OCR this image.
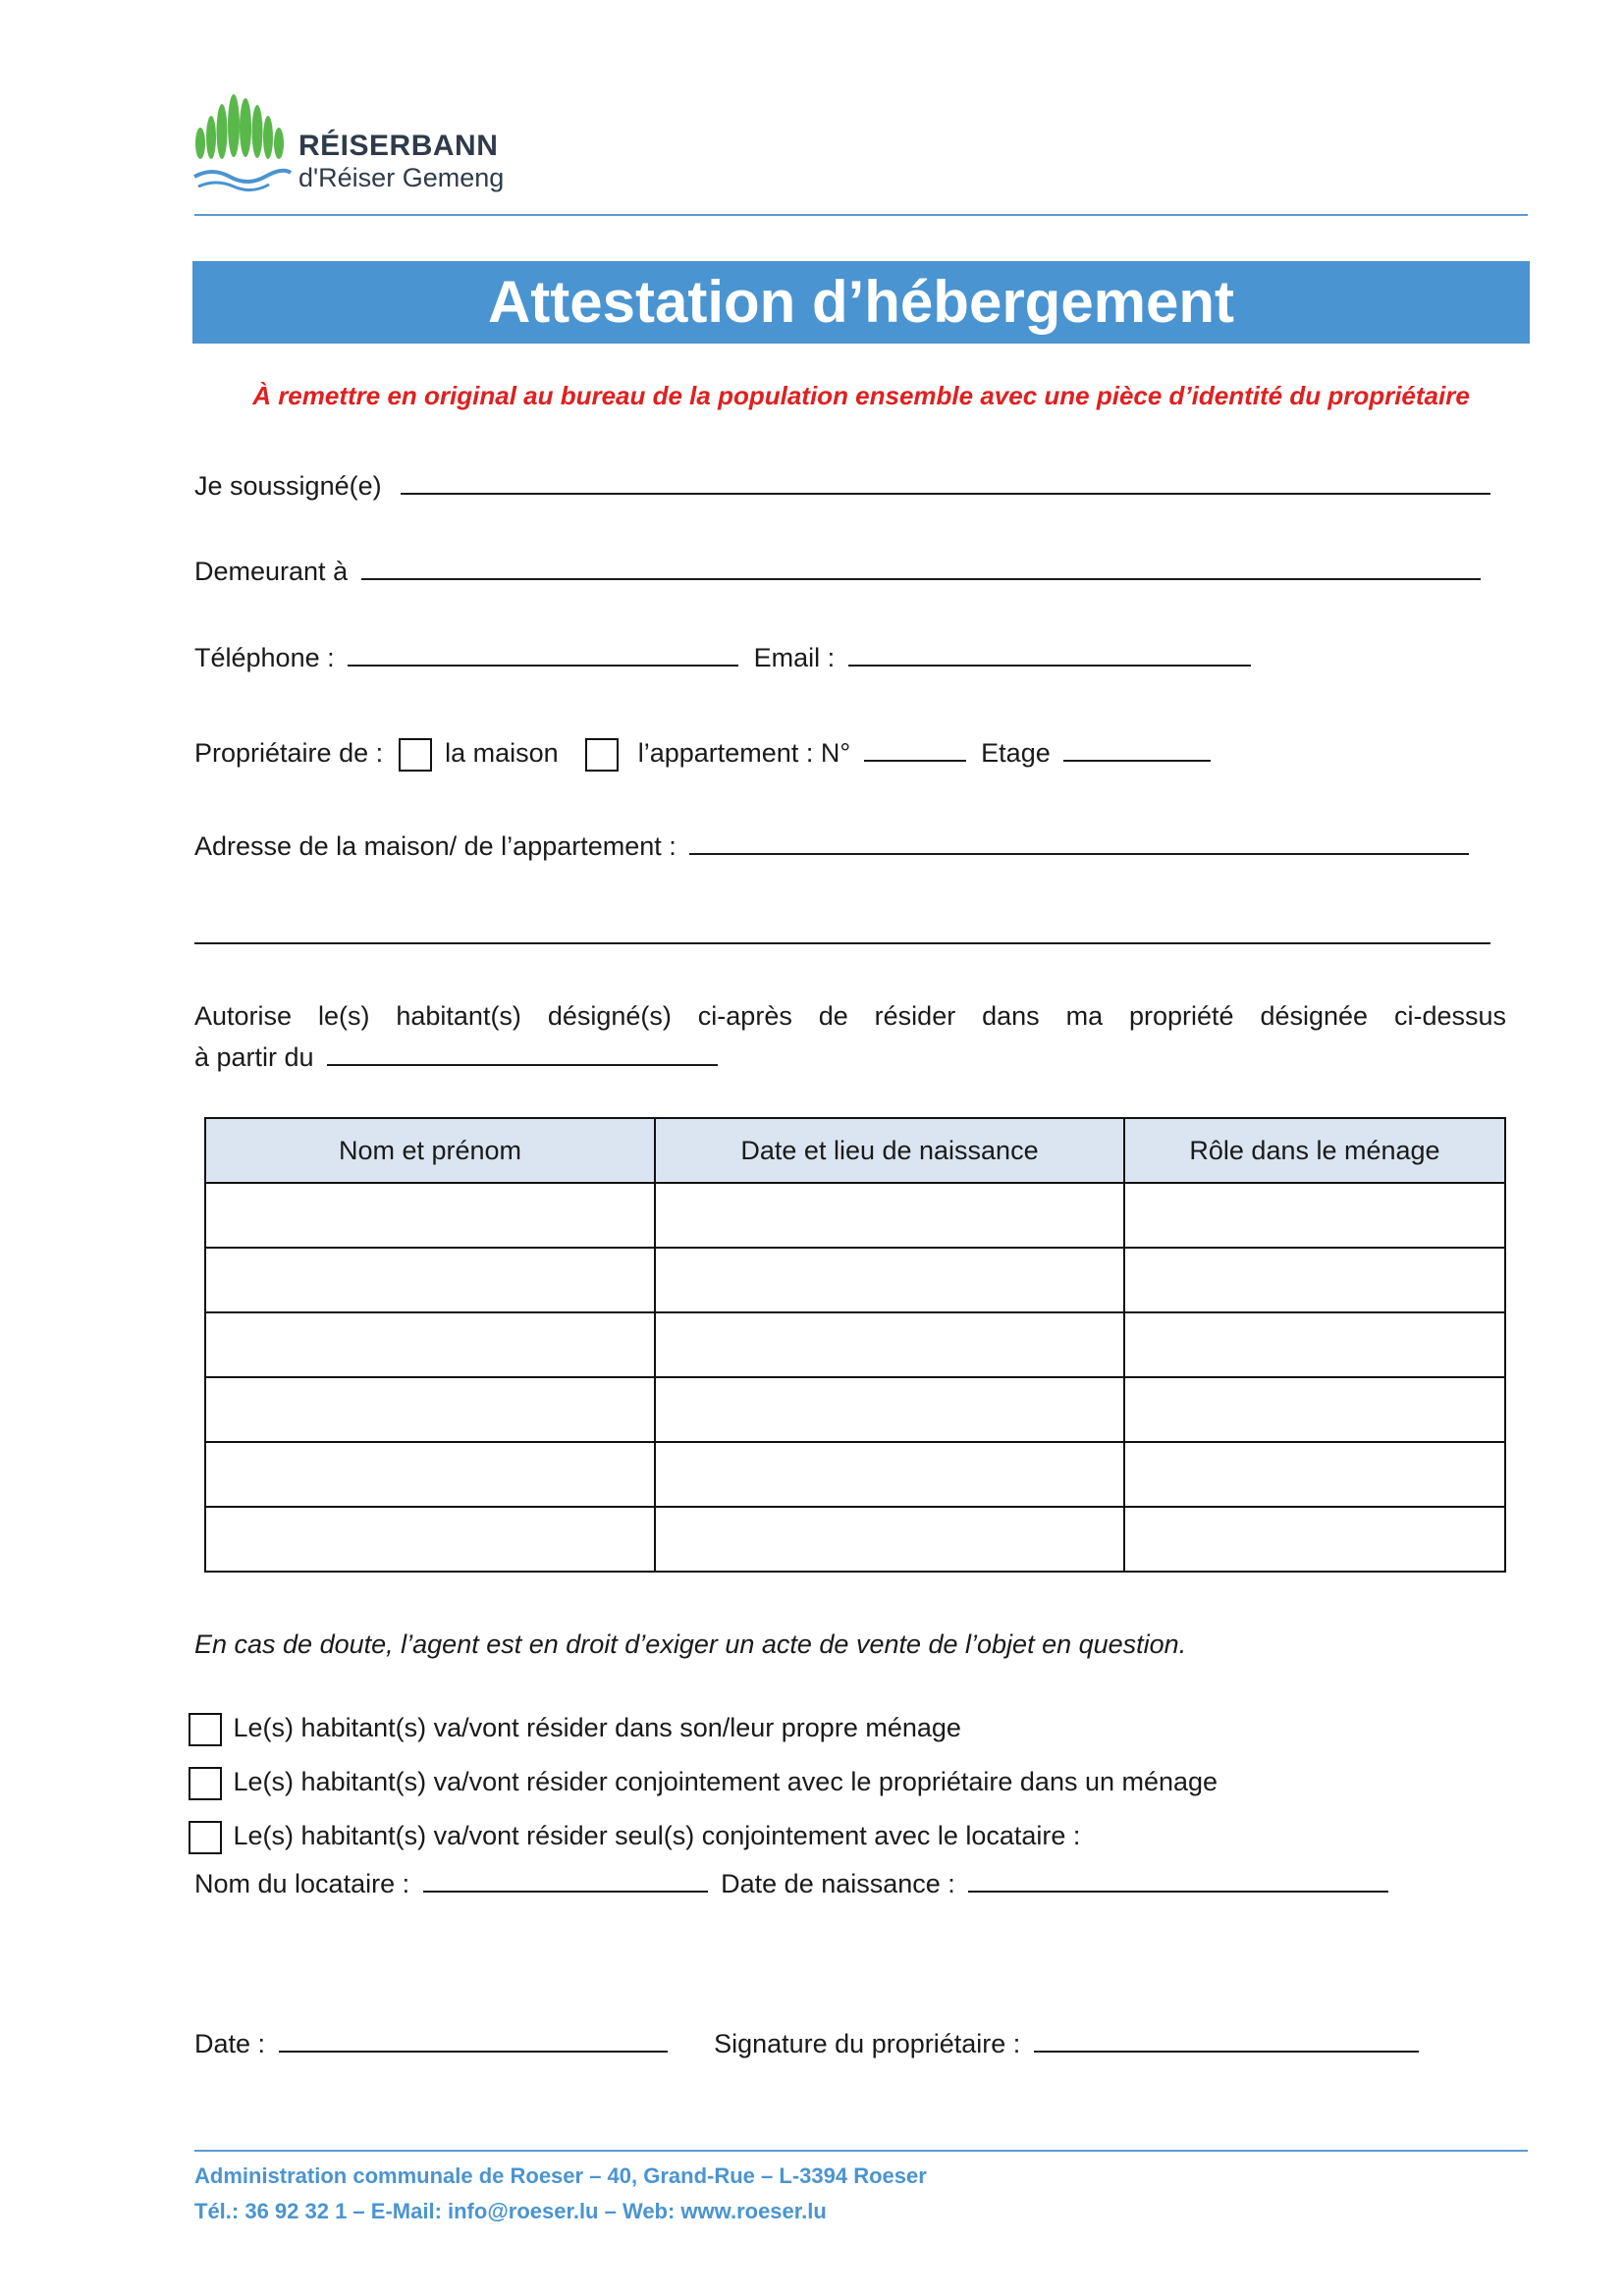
RÉISERBANN
d'Réiser Gemeng
Attestation d’hébergement
À remettre en original au bureau de la population ensemble avec une pièce d’identité du propriétaire
Je soussigné(e)
Demeurant à
Téléphone :	Email :
Propriétaire de : la maison	l’appartement : N°	Etage
Adresse de la maison/ de l’appartement :
Autorise le(s) habitant(s) désigné(s) ci-après de résider dans ma propriété désignée ci-dessus
à partir du
Nom et prénom	Date et lieu de naissance	Rôle dans le ménage

En cas de doute, l’agent est en droit d’exiger un acte de vente de l’objet en question.
Le(s) habitant(s) va/vont résider dans son/leur propre ménage
Le(s) habitant(s) va/vont résider conjointement avec le propriétaire dans un ménage
Le(s) habitant(s) va/vont résider seul(s) conjointement avec le locataire :
Nom du locataire :	Date de naissance :
Date :	Signature du propriétaire :
Administration communale de Roeser – 40, Grand-Rue – L-3394 Roeser
Tél.: 36 92 32 1 – E-Mail: info@roeser.lu – Web: www.roeser.lu
